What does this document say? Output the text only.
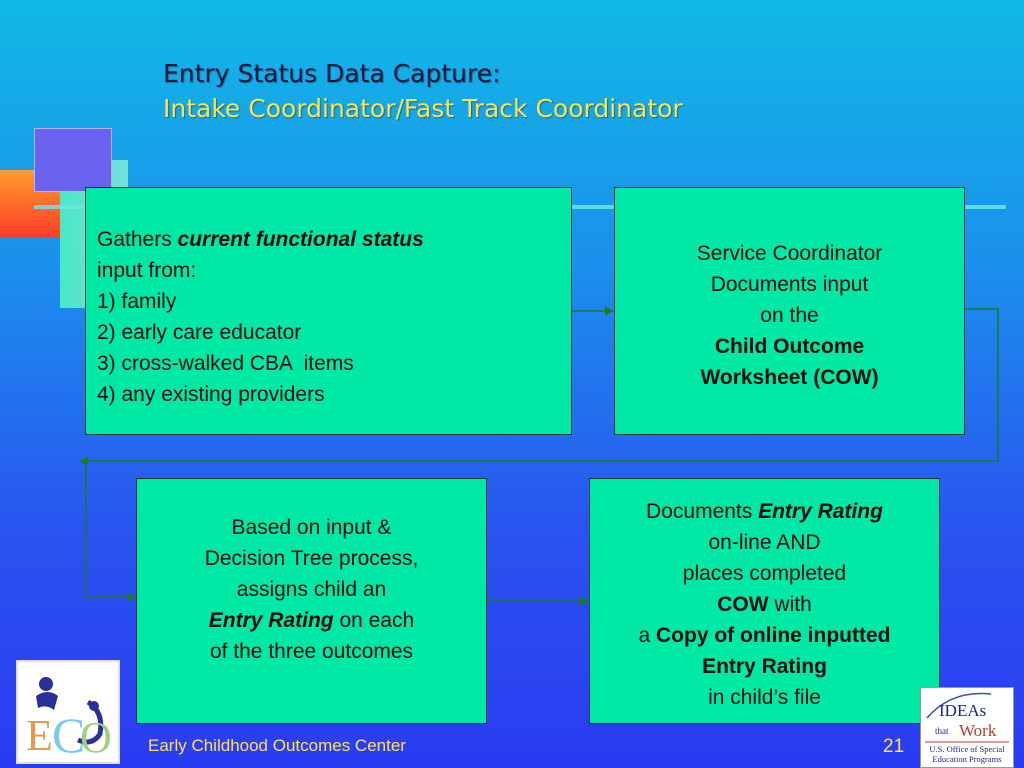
Entry Status Data Capture:
Intake Coordinator/Fast Track Coordinator

Gathers current functional status

input from:

1) family

2) early care educator

3) cross-walked CBA  items

4) any existing providers

Service Coordinator

Documents input

on the

Child Outcome

Worksheet (COW)

Based on input &

Decision Tree process,

assigns child an

Entry Rating on each

of the three outcomes

Documents Entry Rating

on-line AND

places completed

COW with

a Copy of online inputted

Entry Rating

in child’s file

E C
O Early Childhood Outcomes Center	21
IDEAs
that Work
U.S. Office of Special
Education Programs
